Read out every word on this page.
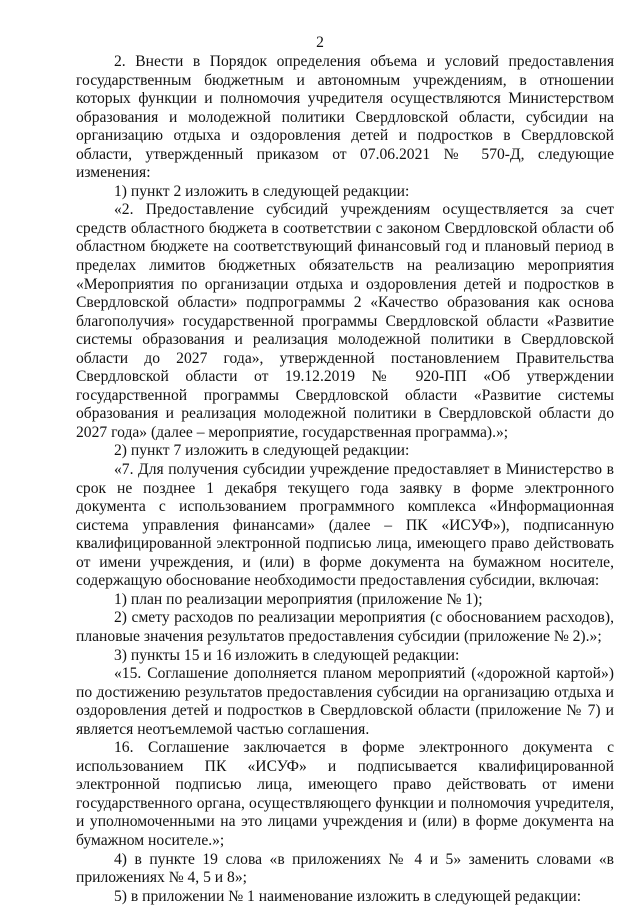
2

2. Внести в Порядок определения объема и условий предоставления государственным бюджетным и автономным учреждениям, в отношении которых функции и полномочия учредителя осуществляются Министерством образования и молодежной политики Свердловской области, субсидии на организацию отдыха и оздоровления детей и подростков в Свердловской области, утвержденный приказом от 07.06.2021 № 570-Д, следующие изменения:

1) пункт 2 изложить в следующей редакции:

«2. Предоставление субсидий учреждениям осуществляется за счет средств областного бюджета в соответствии с законом Свердловской области об областном бюджете на соответствующий финансовый год и плановый период в пределах лимитов бюджетных обязательств на реализацию мероприятия «Мероприятия по организации отдыха и оздоровления детей и подростков в Свердловской области» подпрограммы 2 «Качество образования как основа благополучия» государственной программы Свердловской области «Развитие системы образования и реализация молодежной политики в Свердловской области до 2027 года», утвержденной постановлением Правительства Свердловской области от 19.12.2019 № 920-ПП «Об утверждении государственной программы Свердловской области «Развитие системы образования и реализация молодежной политики в Свердловской области до 2027 года» (далее – мероприятие, государственная программа).»;

2) пункт 7 изложить в следующей редакции:

«7. Для получения субсидии учреждение предоставляет в Министерство в срок не позднее 1 декабря текущего года заявку в форме электронного документа с использованием программного комплекса «Информационная система управления финансами» (далее – ПК «ИСУФ»), подписанную квалифицированной электронной подписью лица, имеющего право действовать от имени учреждения, и (или) в форме документа на бумажном носителе, содержащую обоснование необходимости предоставления субсидии, включая:

1) план по реализации мероприятия (приложение № 1);

2) смету расходов по реализации мероприятия (с обоснованием расходов), плановые значения результатов предоставления субсидии (приложение № 2).»;

3) пункты 15 и 16 изложить в следующей редакции:

«15. Соглашение дополняется планом мероприятий («дорожной картой») по достижению результатов предоставления субсидии на организацию отдыха и оздоровления детей и подростков в Свердловской области (приложение № 7) и является неотъемлемой частью соглашения.

16. Соглашение заключается в форме электронного документа с использованием ПК «ИСУФ» и подписывается квалифицированной электронной подписью лица, имеющего право действовать от имени государственного органа, осуществляющего функции и полномочия учредителя, и уполномоченными на это лицами учреждения и (или) в форме документа на бумажном носителе.»;

4) в пункте 19 слова «в приложениях № 4 и 5» заменить словами «в приложениях № 4, 5 и 8»;

5) в приложении № 1 наименование изложить в следующей редакции:
